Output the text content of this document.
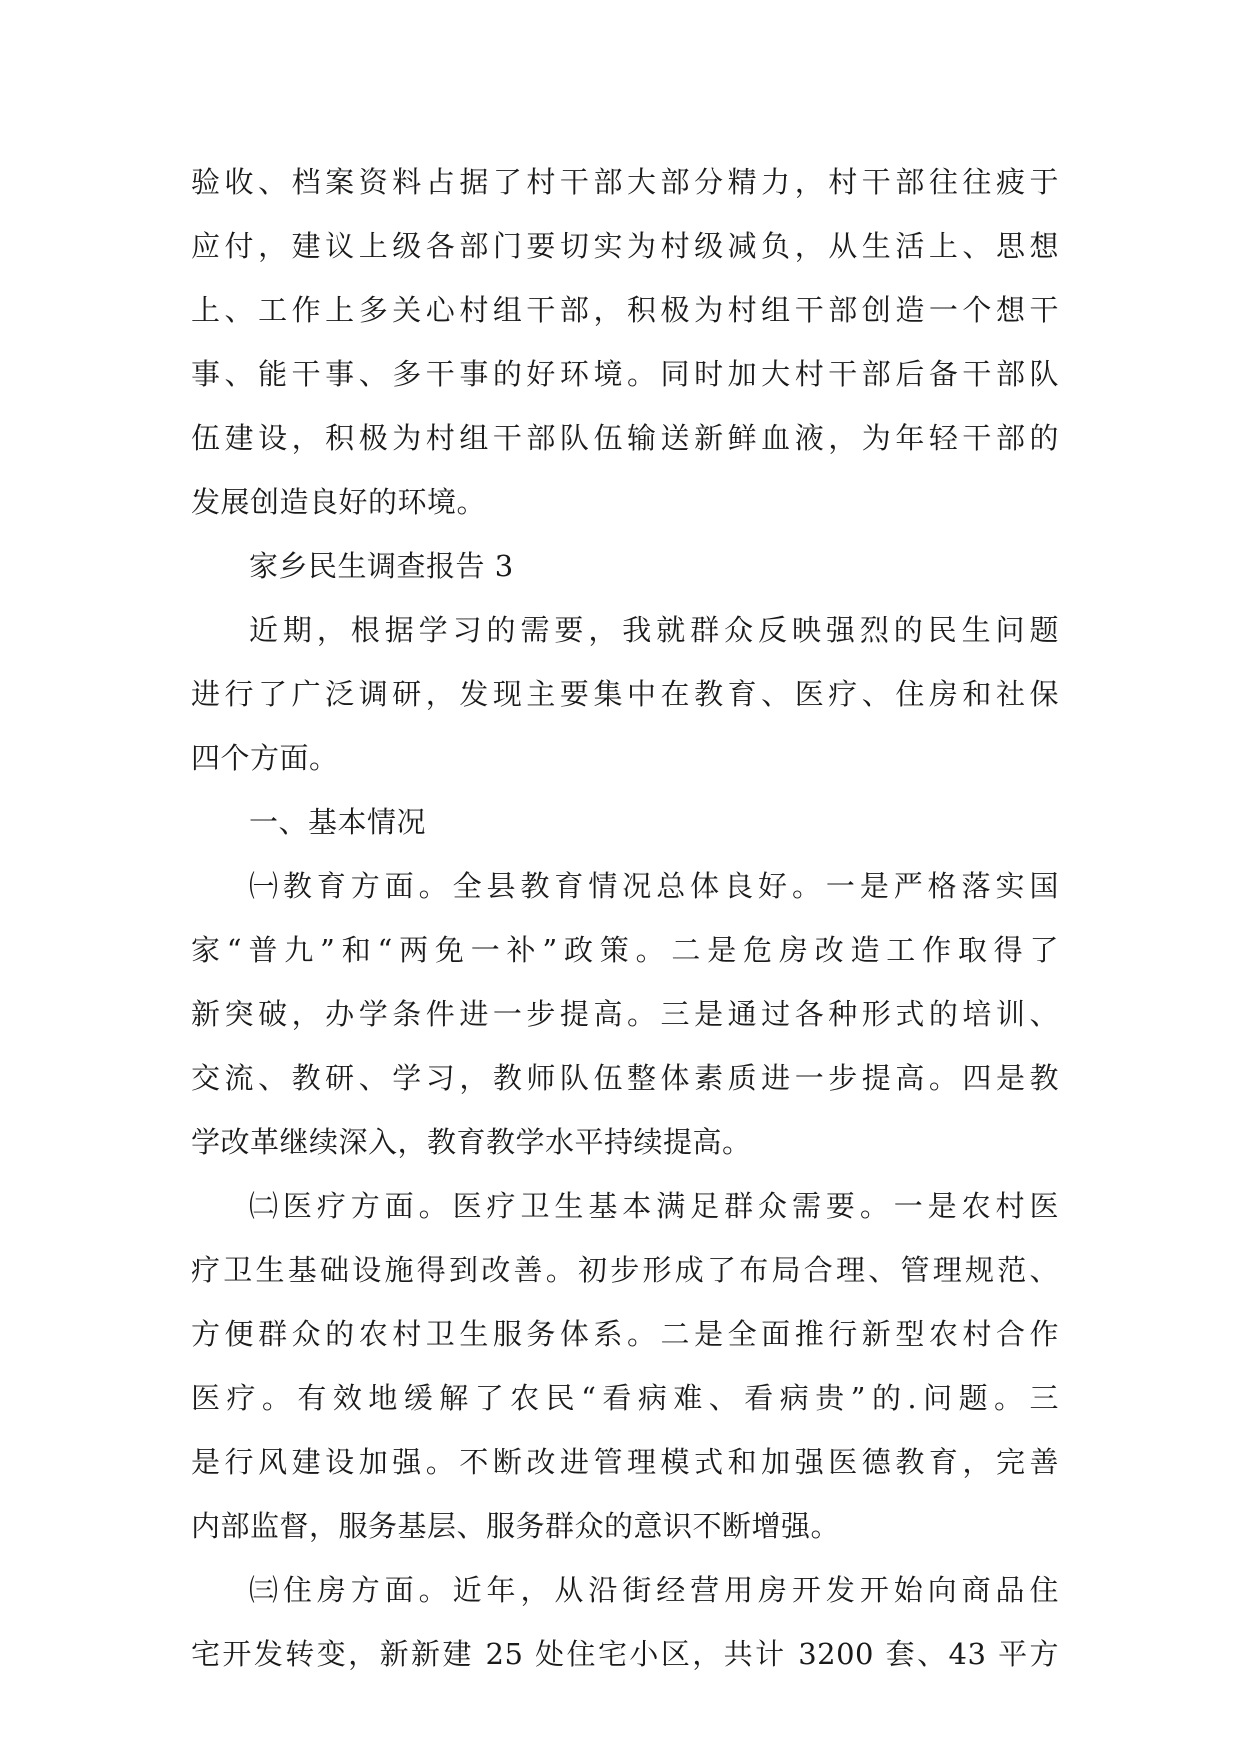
验收、档案资料占据了村干部大部分精力，村干部往往疲于
应付，建议上级各部门要切实为村级减负，从生活上、思想
上、工作上多关心村组干部，积极为村组干部创造一个想干
事、能干事、多干事的好环境。同时加大村干部后备干部队
伍建设，积极为村组干部队伍输送新鲜血液，为年轻干部的
发展创造良好的环境。
家乡民生调查报告 3
近期，根据学习的需要，我就群众反映强烈的民生问题
进行了广泛调研，发现主要集中在教育、医疗、住房和社保
四个方面。
一、基本情况
㈠教育方面。全县教育情况总体良好。一是严格落实国
家“普九”和“两免一补”政策。二是危房改造工作取得了
新突破，办学条件进一步提高。三是通过各种形式的培训、
交流、教研、学习，教师队伍整体素质进一步提高。四是教
学改革继续深入，教育教学水平持续提高。
㈡医疗方面。医疗卫生基本满足群众需要。一是农村医
疗卫生基础设施得到改善。初步形成了布局合理、管理规范、
方便群众的农村卫生服务体系。二是全面推行新型农村合作
医疗。有效地缓解了农民“看病难、看病贵”的.问题。三
是行风建设加强。不断改进管理模式和加强医德教育，完善
内部监督，服务基层、服务群众的意识不断增强。
㈢住房方面。近年，从沿街经营用房开发开始向商品住
宅开发转变，新新建 25 处住宅小区，共计 3200 套、43 平方
